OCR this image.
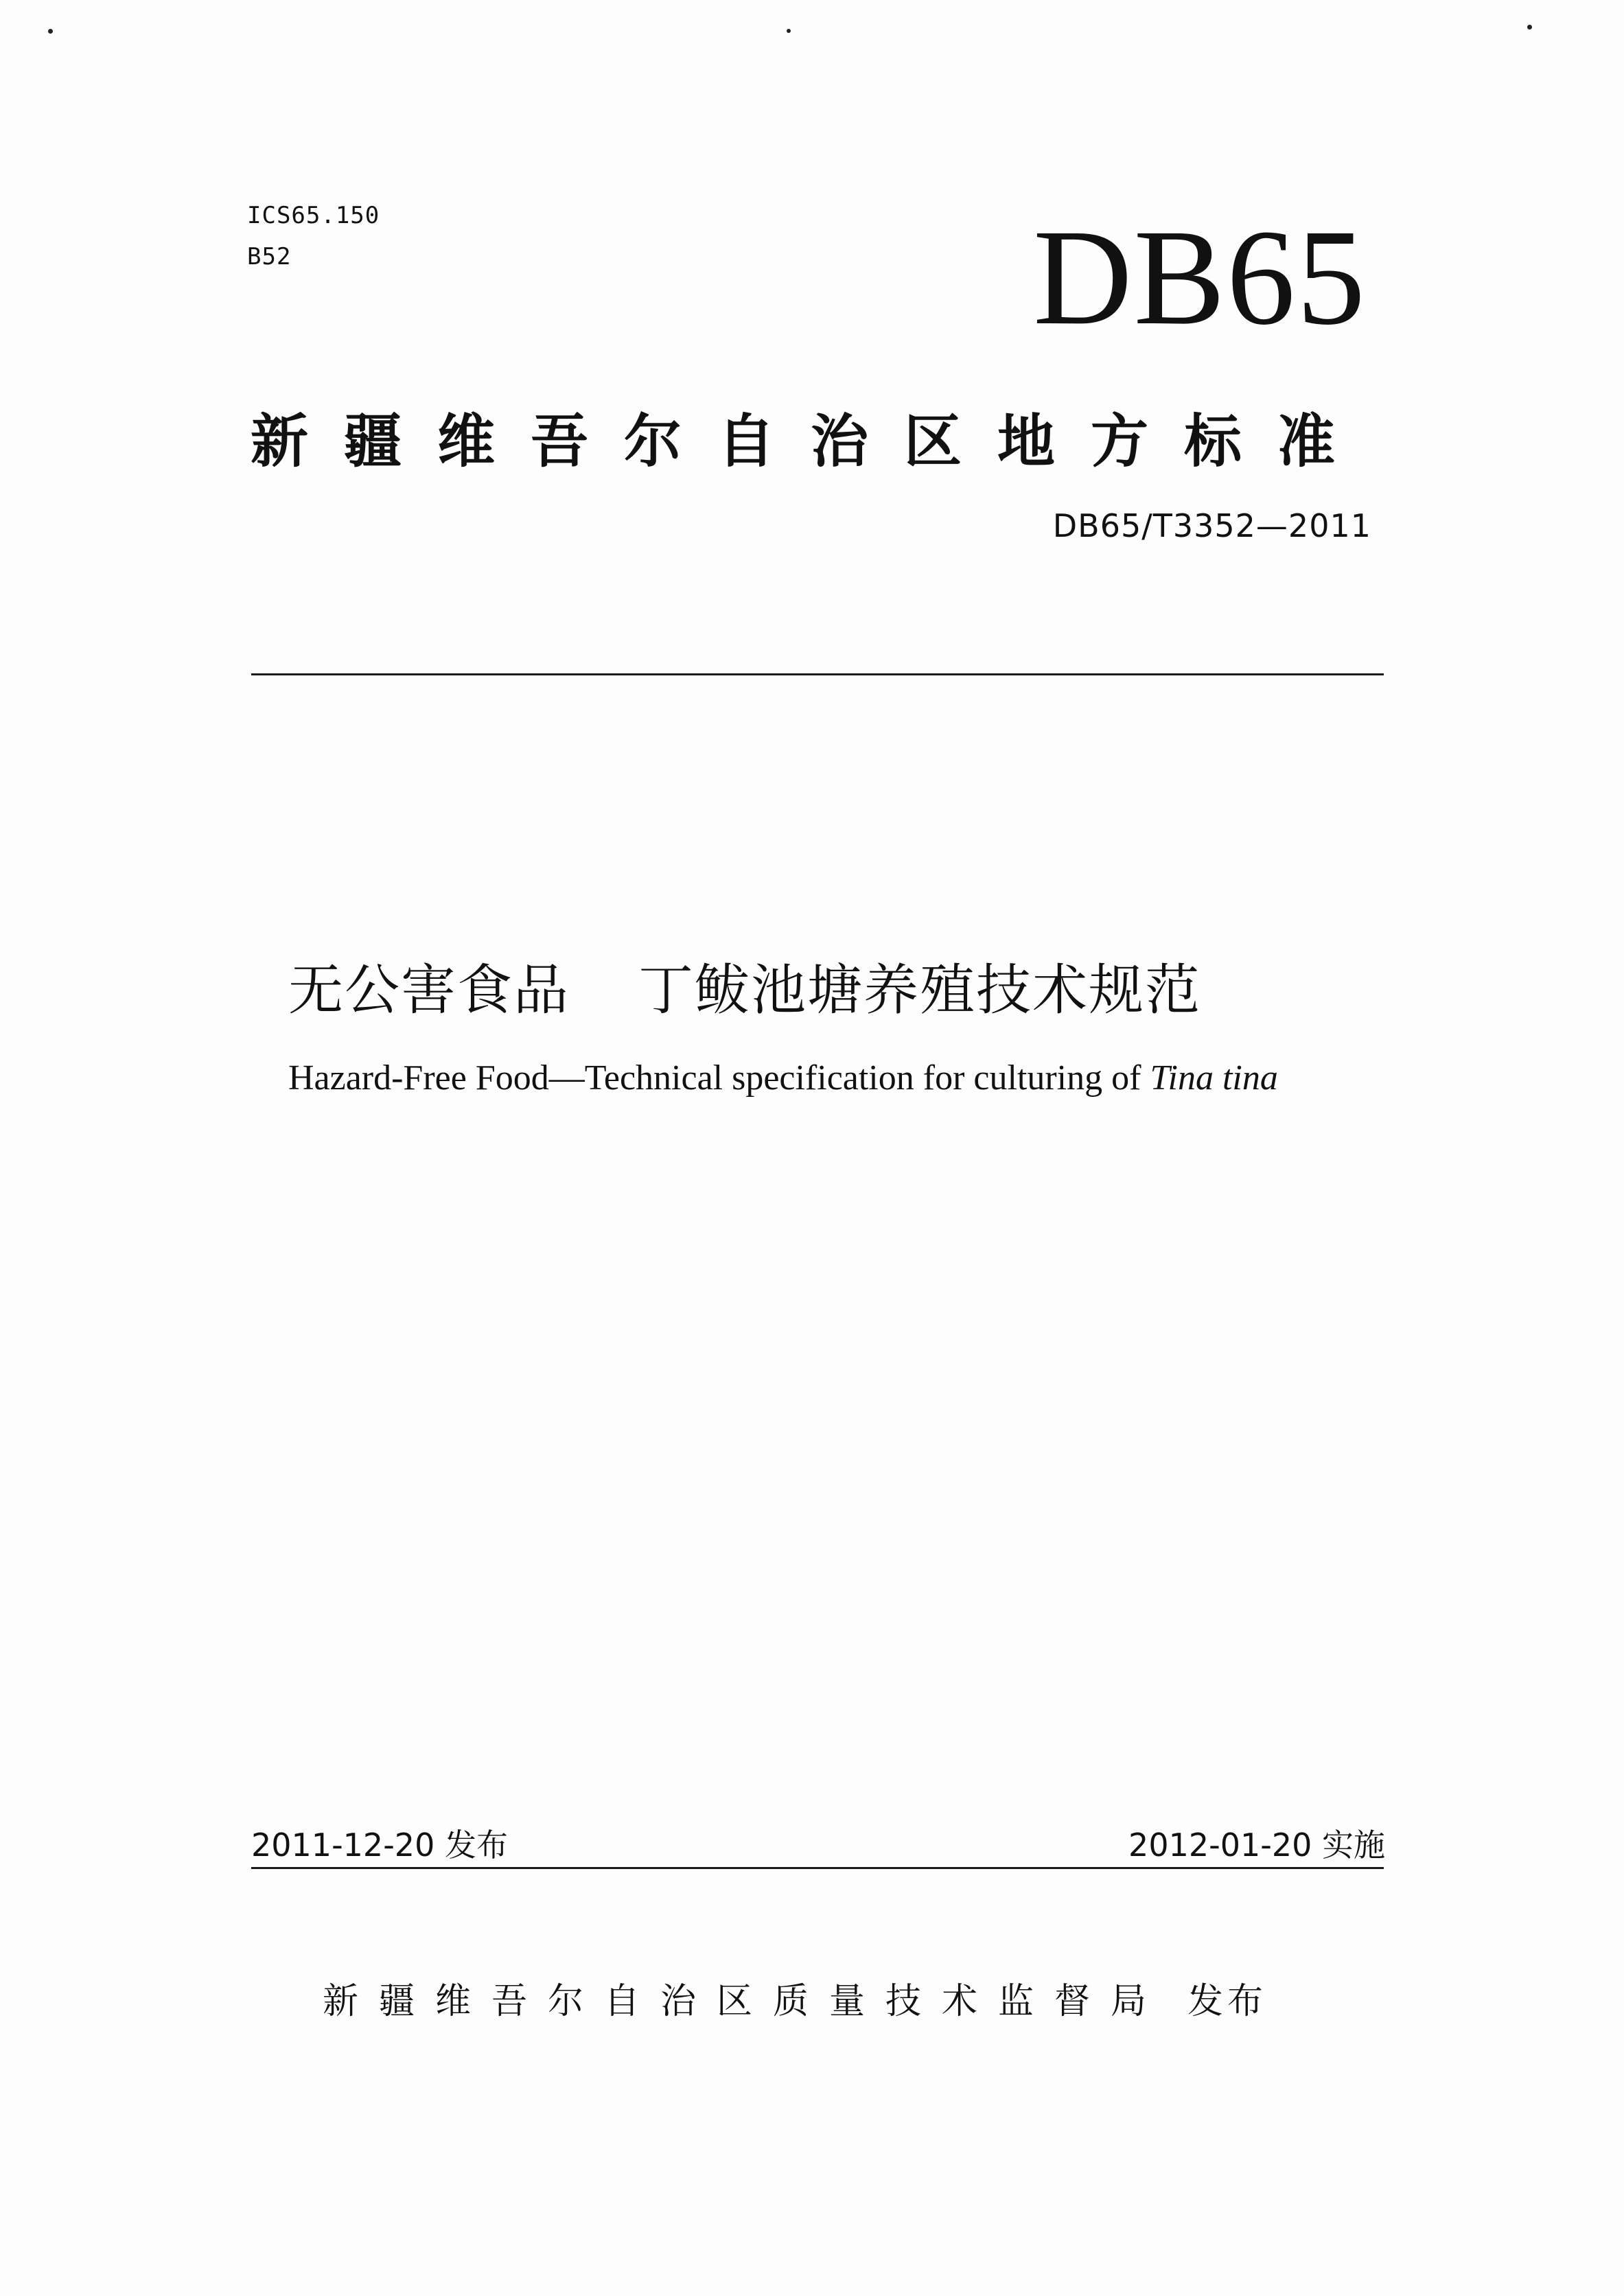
ICS65.150
B52	DB65
新疆维吾尔自治区地方标准
DB65/T3352—2011
无公害食品 丁鲅池塘养殖技术规范
Hazard-Free Food—Technical specification for culturing of Tina tina
2011-12-20 发布	2012-01-20 实施
新疆维吾尔自治区质量技术监督局 发布
